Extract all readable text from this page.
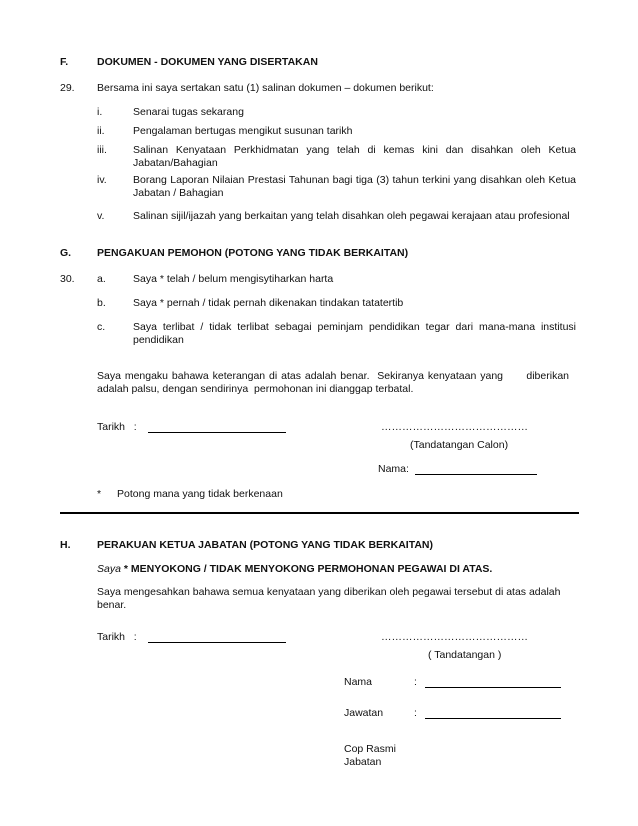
F.	DOKUMEN - DOKUMEN YANG DISERTAKAN
29. Bersama ini saya sertakan satu (1) salinan dokumen – dokumen berikut:
i.	Senarai tugas sekarang
ii.	Pengalaman bertugas mengikut susunan tarikh
iii. Salinan Kenyataan Perkhidmatan yang telah di kemas kini dan disahkan oleh Ketua Jabatan/Bahagian
iv.	Borang Laporan Nilaian Prestasi Tahunan bagi tiga (3) tahun terkini yang disahkan oleh Ketua Jabatan / Bahagian
v.	Salinan sijil/ijazah yang berkaitan yang telah disahkan oleh pegawai kerajaan atau profesional
G. PENGAKUAN PEMOHON (POTONG YANG TIDAK BERKAITAN)
30. a.	Saya * telah / belum mengisytiharkan harta
b.	Saya * pernah / tidak pernah dikenakan tindakan tatatertib
c.	Saya terlibat / tidak terlibat sebagai peminjam pendidikan tegar dari mana-mana institusi pendidikan
Saya mengaku bahawa keterangan di atas adalah benar.  Sekiranya kenyataan yang      diberikan adalah palsu, dengan sendirinya  permohonan ini dianggap terbatal.
Tarikh   :	……………………………………
(Tandatangan Calon)
Nama:
* Potong mana yang tidak berkenaan
H.	PERAKUAN KETUA JABATAN (POTONG YANG TIDAK BERKAITAN)
Saya * MENYOKONG / TIDAK MENYOKONG PERMOHONAN PEGAWAI DI ATAS.
Saya mengesahkan bahawa semua kenyataan yang diberikan oleh pegawai tersebut di atas adalah benar.
Tarikh   :	……………………………………
( Tandatangan )
Nama	:
Jawatan	:
Cop Rasmi
Jabatan
